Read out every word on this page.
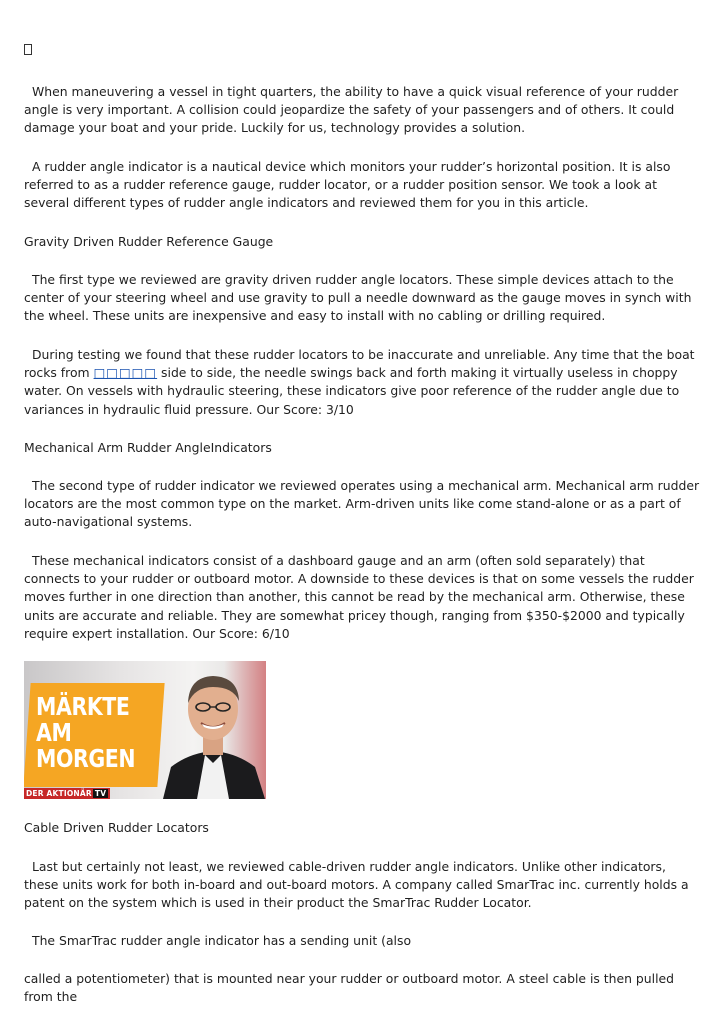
When maneuvering a vessel in tight quarters, the ability to have a quick visual reference of your rudder angle is very important. A collision could jeopardize the safety of your passengers and of others. It could damage your boat and your pride. Luckily for us, technology provides a solution.

A rudder angle indicator is a nautical device which monitors your rudder’s horizontal position. It is also referred to as a rudder reference gauge, rudder locator, or a rudder position sensor. We took a look at several different types of rudder angle indicators and reviewed them for you in this article.

Gravity Driven Rudder Reference Gauge

The first type we reviewed are gravity driven rudder angle locators. These simple devices attach to the center of your steering wheel and use gravity to pull a needle downward as the gauge moves in synch with the wheel. These units are inexpensive and easy to install with no cabling or drilling required.

During testing we found that these rudder locators to be inaccurate and unreliable. Any time that the boat rocks from □□□□□ side to side, the needle swings back and forth making it virtually useless in choppy water. On vessels with hydraulic steering, these indicators give poor reference of the rudder angle due to variances in hydraulic fluid pressure. Our Score: 3/10

Mechanical Arm Rudder AngleIndicators

The second type of rudder indicator we reviewed operates using a mechanical arm. Mechanical arm rudder locators are the most common type on the market. Arm-driven units like come stand-alone or as a part of auto-navigational systems.

These mechanical indicators consist of a dashboard gauge and an arm (often sold separately) that connects to your rudder or outboard motor. A downside to these devices is that on some vessels the rudder moves further in one direction than another, this cannot be read by the mechanical arm. Otherwise, these units are accurate and reliable. They are somewhat pricey though, ranging from $350-$2000 and typically require expert installation. Our Score: 6/10

MÄRKTE
AM
MORGEN
DER AKTIONÄR TV

Cable Driven Rudder Locators

Last but certainly not least, we reviewed cable-driven rudder angle indicators. Unlike other indicators, these units work for both in-board and out-board motors. A company called SmarTrac inc. currently holds a patent on the system which is used in their product the SmarTrac Rudder Locator.

The SmarTrac rudder angle indicator has a sending unit (also

called a potentiometer) that is mounted near your rudder or outboard motor. A steel cable is then pulled from the
